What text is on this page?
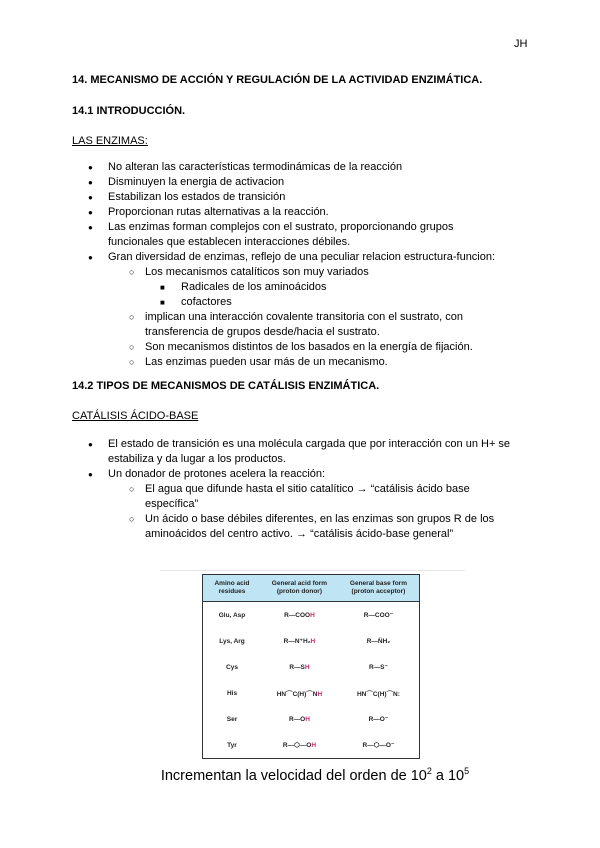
JH
14. MECANISMO DE ACCIÓN Y REGULACIÓN DE LA ACTIVIDAD ENZIMÁTICA.
14.1 INTRODUCCIÓN.
LAS ENZIMAS:
●
No alteran las características termodinámicas de la reacción
●
Disminuyen la energia de activacion
●
Estabilizan los estados de transición
●
Proporcionan rutas alternativas a la reacción.
●
Las enzimas forman complejos con el sustrato, proporcionando grupos funcionales que establecen interacciones débiles.
●
Gran diversidad de enzimas, reflejo de una peculiar relacion estructura-funcion:
○
Los mecanismos catalíticos son muy variados
■
Radicales de los aminoácidos
■
cofactores
○
implican una interacción covalente transitoria con el sustrato, con transferencia de grupos desde/hacia el sustrato.
○
Son mecanismos distintos de los basados en la energía de fijación.
○
Las enzimas pueden usar más de un mecanismo.
14.2 TIPOS DE MECANISMOS DE CATÁLISIS ENZIMÁTICA.
CATÁLISIS ÁCIDO-BASE
●
El estado de transición es una molécula cargada que por interacción con un H+ se estabiliza y da lugar a los productos.
●
Un donador de protones acelera la reacción:
○
El agua que difunde hasta el sitio catalítico → “catálisis ácido base específica”
○
Un ácido o base débiles diferentes, en las enzimas son grupos R de los aminoácidos del centro activo. → “catálisis ácido-base general”
Amino acid residues	General acid form (proton donor)	General base form (proton acceptor)
Glu, Asp	R—COOH	R—COO⁻
Lys, Arg	R—N⁺H₂H	R—N̈H₂
Cys	R—SH	R—S⁻
His	HN⌒C(H)⌒NH	HN⌒C(H)⌒N:
Ser	R—OH	R—O⁻
Tyr	R—⬡—OH	R—⬡—O⁻
Incrementan la velocidad del orden de $10^2$ a $10^5$
